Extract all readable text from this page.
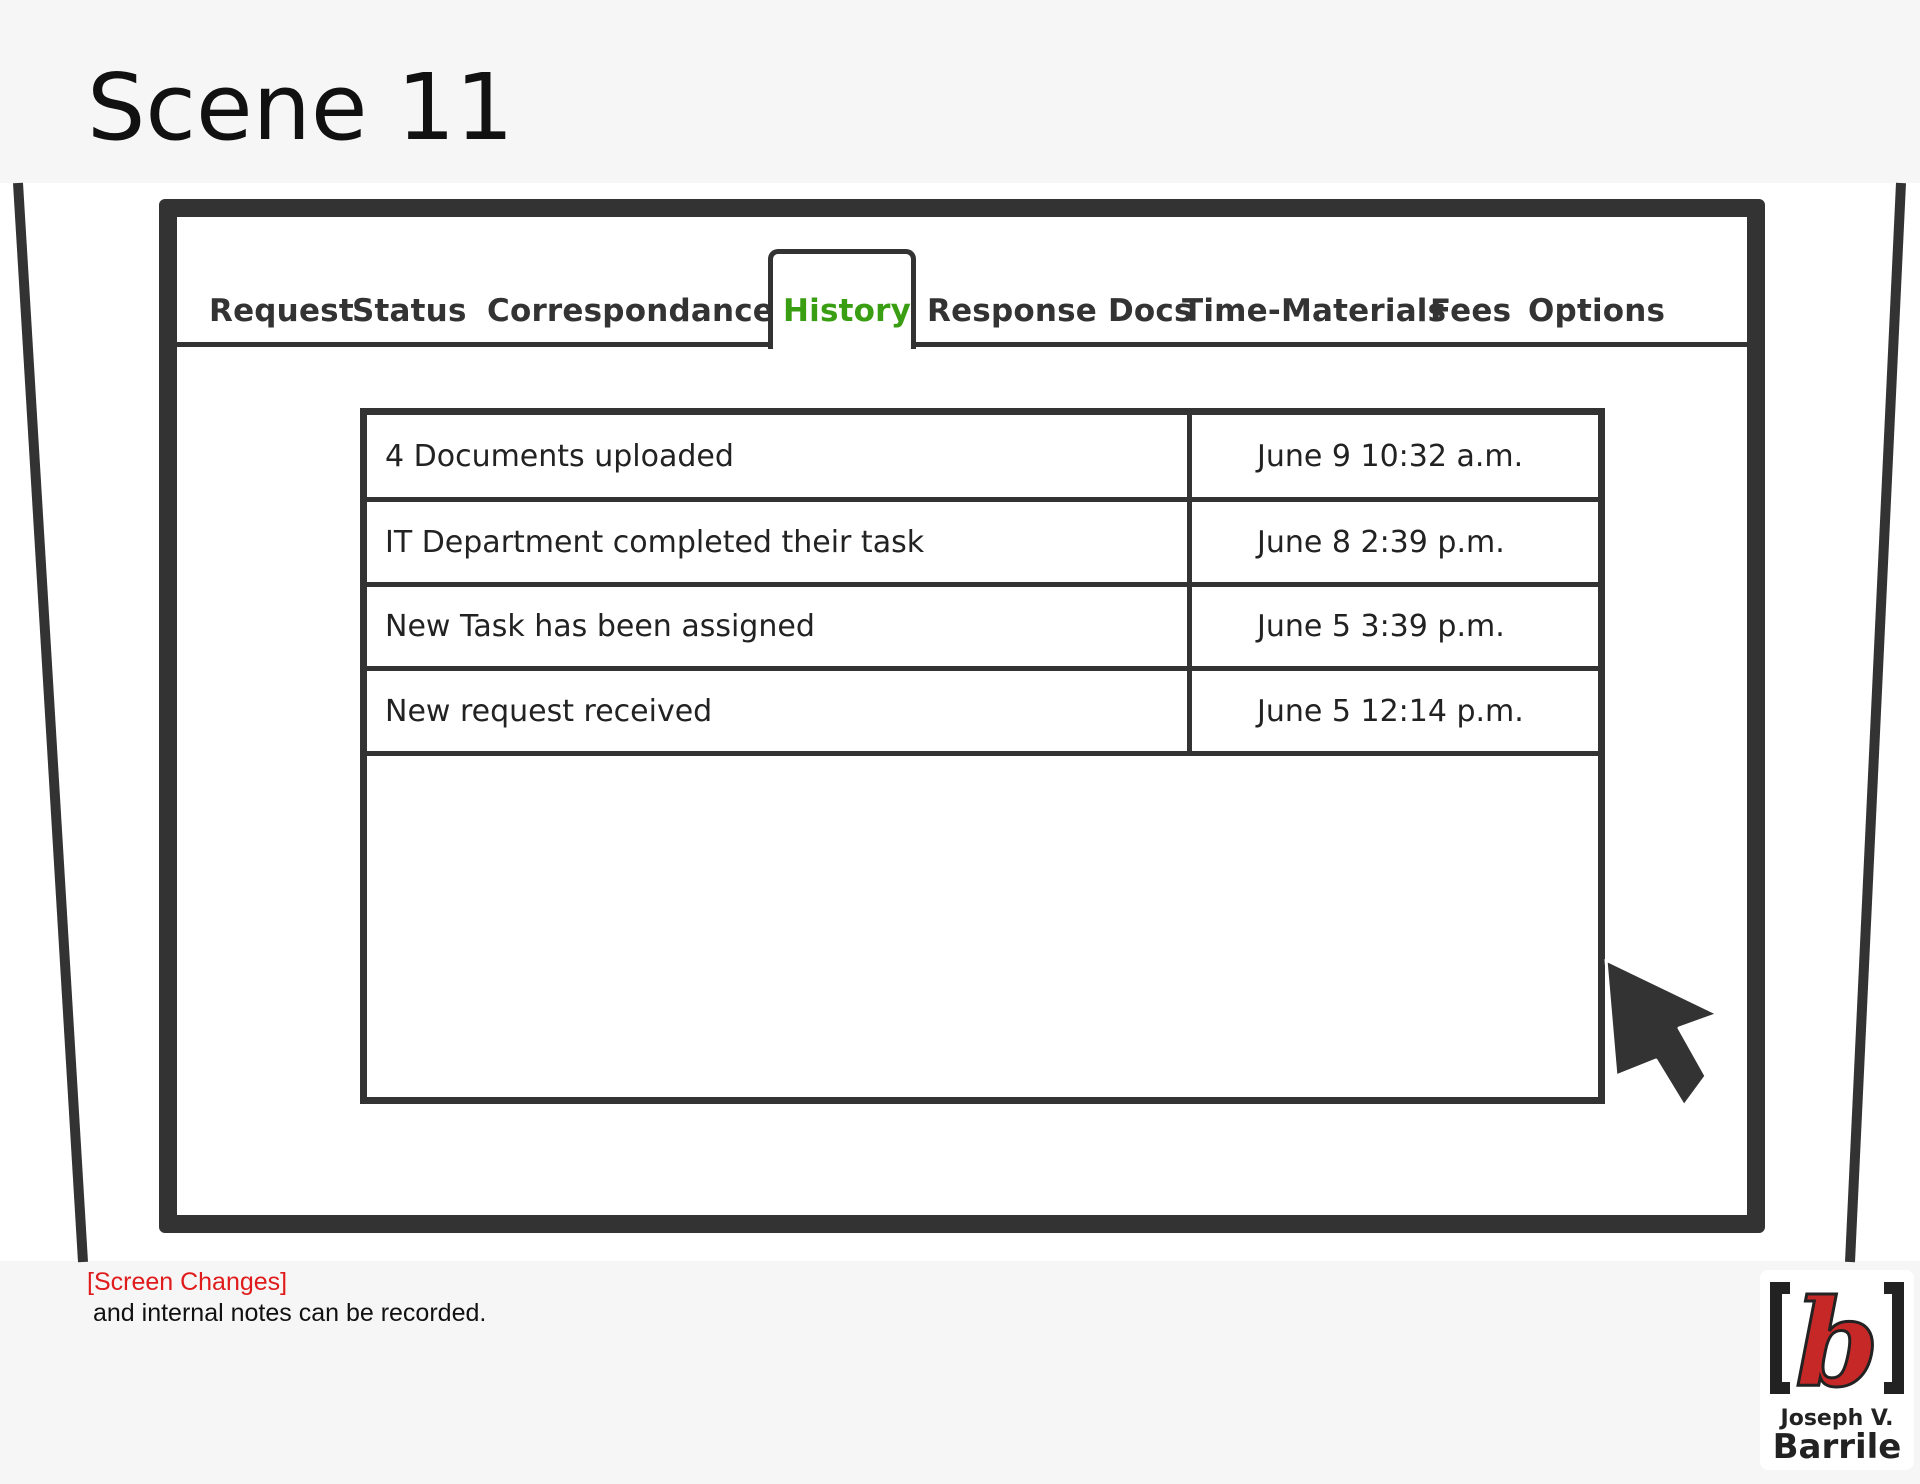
Scene 11
Request
Status Correspondance History Response Docs
Time-Materials
Fees Options
4 Documents uploaded	June 9 10:32 a.m.
IT Department completed their task	June 8 2:39 p.m.
New Task has been assigned	June 5 3:39 p.m.
New request received	June 5 12:14 p.m.
[Screen Changes]
and internal notes can be recorded.	b
Joseph V.
Barrile
